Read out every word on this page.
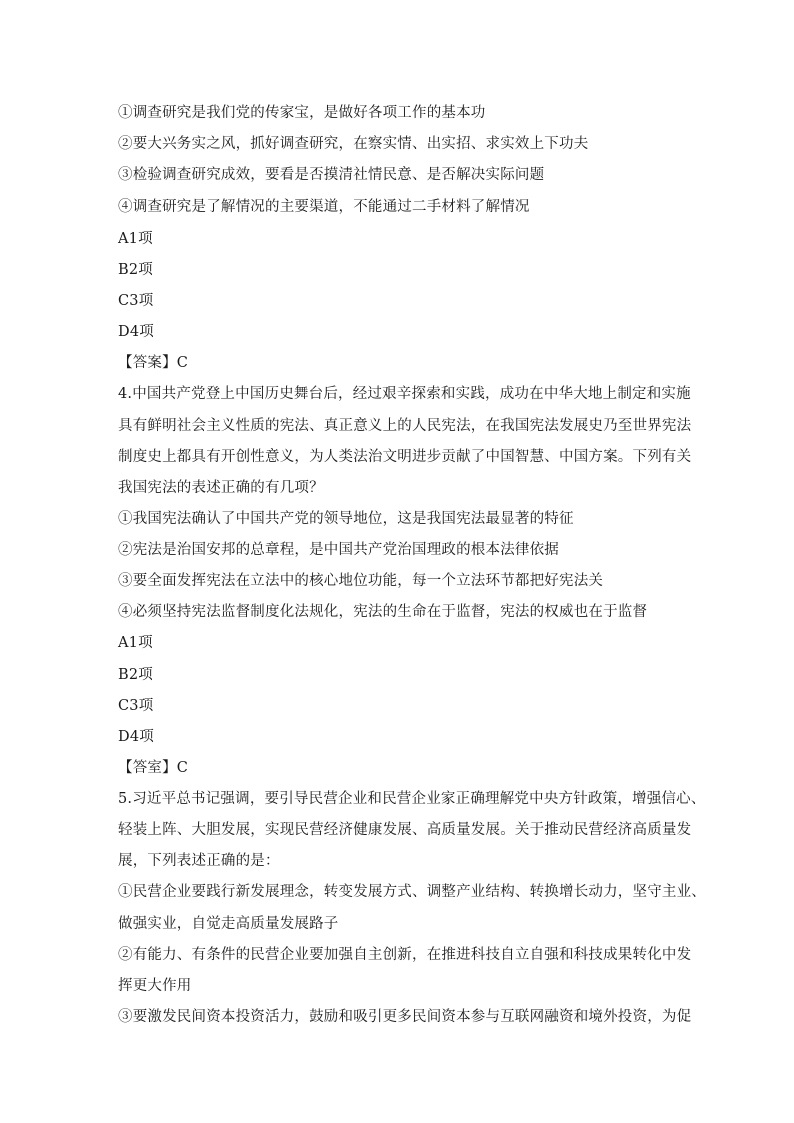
①调查研究是我们党的传家宝，是做好各项工作的基本功
②要大兴务实之风，抓好调查研究，在察实情、出实招、求实效上下功夫
③检验调查研究成效，要看是否摸清社情民意、是否解决实际问题
④调查研究是了解情况的主要渠道，不能通过二手材料了解情况
A1项
B2项
C3项
D4项
【答案】C
4.中国共产党登上中国历史舞台后，经过艰辛探索和实践，成功在中华大地上制定和实施
具有鲜明社会主义性质的宪法、真正意义上的人民宪法，在我国宪法发展史乃至世界宪法
制度史上都具有开创性意义，为人类法治文明进步贡献了中国智慧、中国方案。下列有关
我国宪法的表述正确的有几项？
①我国宪法确认了中国共产党的领导地位，这是我国宪法最显著的特征
②宪法是治国安邦的总章程，是中国共产党治国理政的根本法律依据
③要全面发挥宪法在立法中的核心地位功能，每一个立法环节都把好宪法关
④必须坚持宪法监督制度化法规化，宪法的生命在于监督，宪法的权威也在于监督
A1项
B2项
C3项
D4项
【答室】C
5.习近平总书记强调，要引导民营企业和民营企业家正确理解党中央方针政策，增强信心、
轻装上阵、大胆发展，实现民营经济健康发展、高质量发展。关于推动民营经济高质量发
展，下列表述正确的是：
①民营企业要践行新发展理念，转变发展方式、调整产业结构、转换增长动力，坚守主业、
做强实业，自觉走高质量发展路子
②有能力、有条件的民营企业要加强自主创新，在推进科技自立自强和科技成果转化中发
挥更大作用
③要激发民间资本投资活力，鼓励和吸引更多民间资本参与互联网融资和境外投资，为促
